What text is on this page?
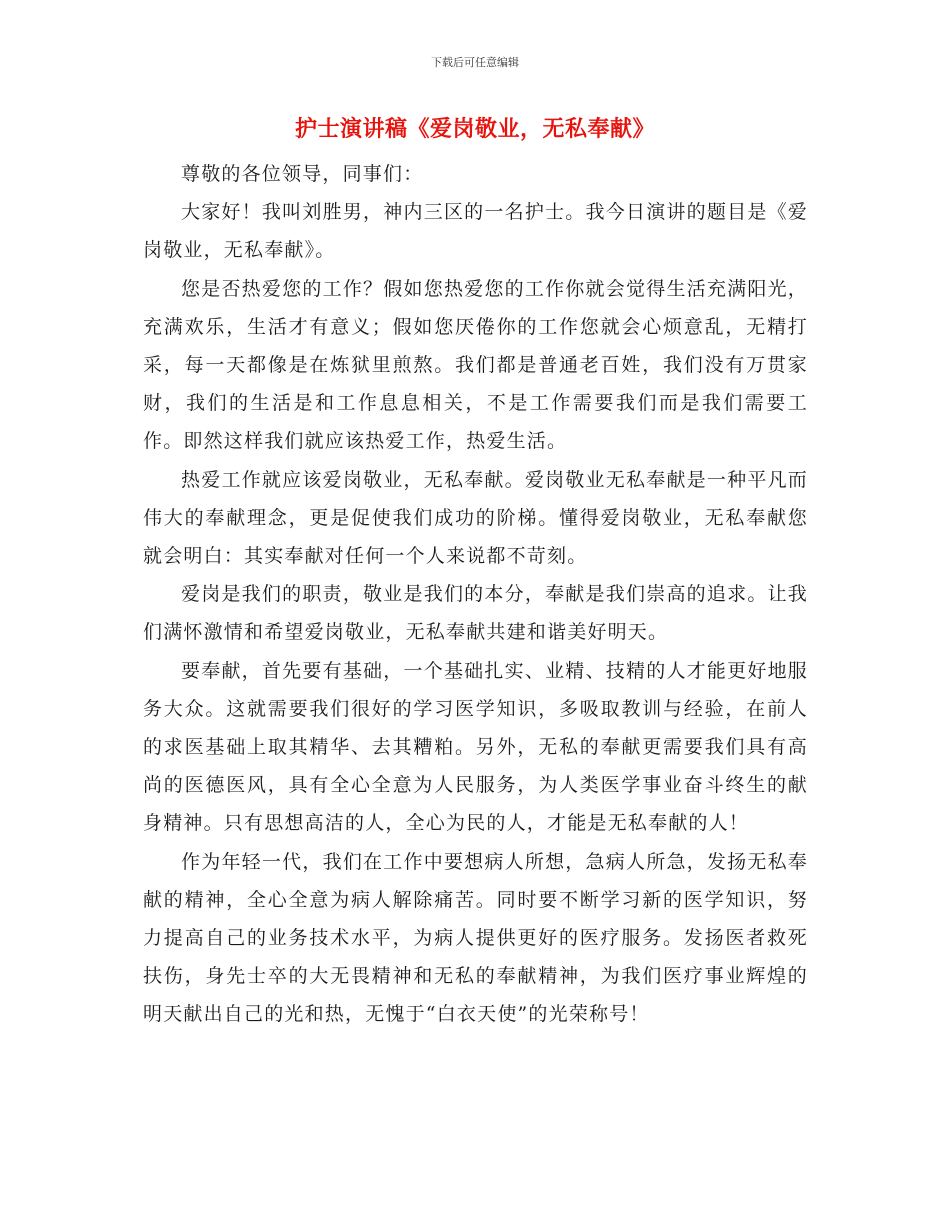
下载后可任意编辑
护士演讲稿《爱岗敬业，无私奉献》

尊敬的各位领导，同事们：

大家好！我叫刘胜男，神内三区的一名护士。我今日演讲的题目是《爱岗敬业，无私奉献》。

您是否热爱您的工作？假如您热爱您的工作你就会觉得生活充满阳光，充满欢乐，生活才有意义；假如您厌倦你的工作您就会心烦意乱，无精打采，每一天都像是在炼狱里煎熬。我们都是普通老百姓，我们没有万贯家财，我们的生活是和工作息息相关，不是工作需要我们而是我们需要工作。即然这样我们就应该热爱工作，热爱生活。

热爱工作就应该爱岗敬业，无私奉献。爱岗敬业无私奉献是一种平凡而伟大的奉献理念，更是促使我们成功的阶梯。懂得爱岗敬业，无私奉献您就会明白：其实奉献对任何一个人来说都不苛刻。

爱岗是我们的职责，敬业是我们的本分，奉献是我们崇高的追求。让我们满怀激情和希望爱岗敬业，无私奉献共建和谐美好明天。

要奉献，首先要有基础，一个基础扎实、业精、技精的人才能更好地服务大众。这就需要我们很好的学习医学知识，多吸取教训与经验，在前人的求医基础上取其精华、去其糟粕。另外，无私的奉献更需要我们具有高尚的医德医风，具有全心全意为人民服务，为人类医学事业奋斗终生的献身精神。只有思想高洁的人，全心为民的人，才能是无私奉献的人！

作为年轻一代，我们在工作中要想病人所想，急病人所急，发扬无私奉献的精神，全心全意为病人解除痛苦。同时要不断学习新的医学知识，努力提高自己的业务技术水平，为病人提供更好的医疗服务。发扬医者救死扶伤，身先士卒的大无畏精神和无私的奉献精神，为我们医疗事业辉煌的明天献出自己的光和热，无愧于“白衣天使”的光荣称号！
